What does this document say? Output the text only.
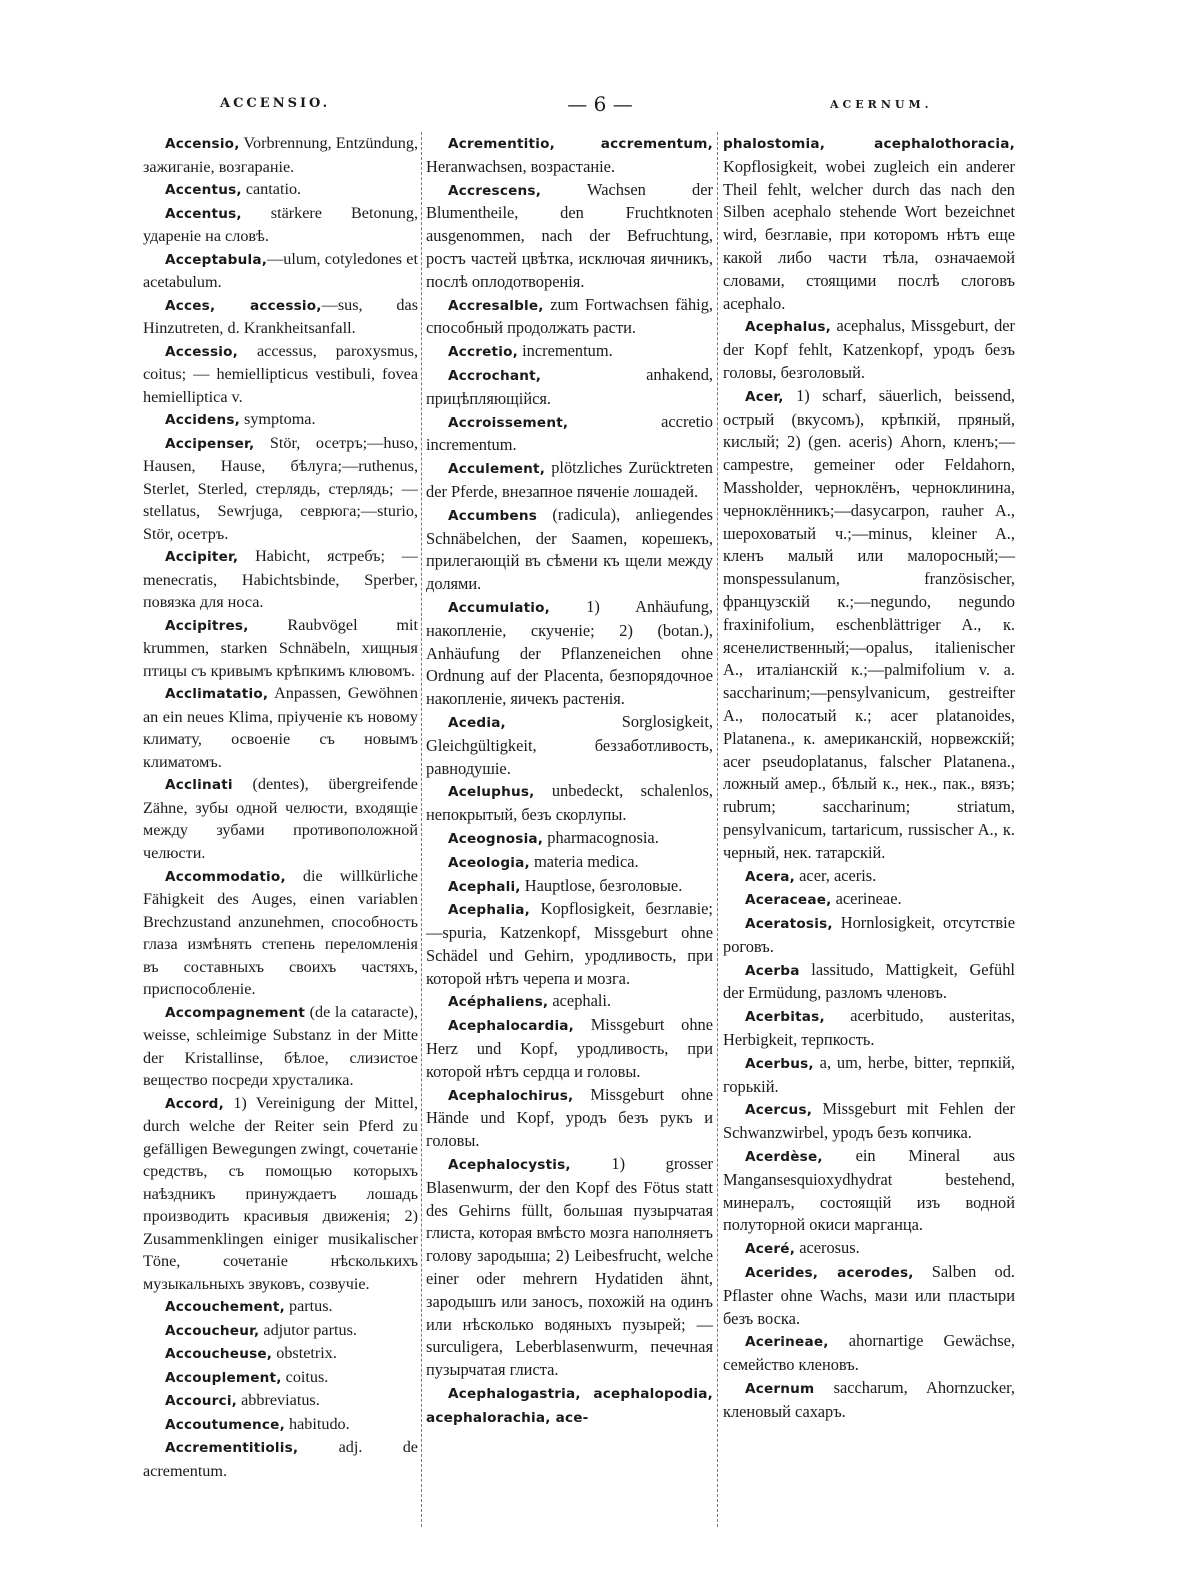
ACCENSIO.	— 6 —	ACERNUM.

Accensio, Vorbrennung, Entzündung, зажиганіе, возгараніе.

Accentus, cantatio.

Accentus, stärkere Betonung, ударенiе на словѣ.

Acceptabula,—ulum, cotyledones et acetabulum.

Acces, accessio,—sus, das Hinzutreten, d. Krankheitsanfall.

Accessio, accessus, paroxysmus, coitus; — hemiellipticus vestibuli, fovea hemielliptica v.

Accidens, symptoma.

Accipenser, Stör, осетръ;—huso, Hausen, Hause, бѣлуга;—ruthenus, Sterlet, Sterled, стерлядь, стерлядь; —stellatus, Sewrjuga, севрюга;—sturio, Stör, осетръ.

Accipiter, Habicht, ястребъ; — menecratis, Habichtsbinde, Sperber, повязка для носа.

Accipitres, Raubvögel mit krummen, starken Schnäbeln, хищныя птицы съ кривымъ крѣпкимъ клювомъ.

Acclimatatio, Anpassen, Gewöhnen an ein neues Klima, пріученіе къ новому климату, освоеніе съ новымъ климатомъ.

Acclinati (dentes), übergreifende Zähne, зубы одной челюсти, входящіе между зубами противоположной челюсти.

Accommodatio, die willkürliche Fähigkeit des Auges, einen variablen Brechzustand anzunehmen, способность глаза измѣнять степень переломленія въ составныхъ своихъ частяхъ, приспособленіе.

Accompagnement (de la cataracte), weisse, schleimige Substanz in der Mitte der Kristallinse, бѣлое, слизистое вещество посреди хрусталика.

Accord, 1) Vereinigung der Mittel, durch welche der Reiter sein Pferd zu gefälligen Bewegungen zwingt, сочетаніе средствъ, съ помощью которыхъ наѣздникъ принуждаетъ лошадь производить красивыя движенія; 2) Zusammenklingen einiger musikalischer Töne, сочетаніе нѣсколькихъ музыкальныхъ звуковъ, созвучіе.

Accouchement, partus.

Accoucheur, adjutor partus.

Accoucheuse, obstetrix.

Accouplement, coitus.

Accourci, abbreviatus.

Accoutumence, habitudo.

Accrementitiolis, adj. de acrementum.

Acrementitio, accrementum, Heranwachsen, возрастаніе.

Accrescens, Wachsen der Blumentheile, den Fruchtknoten ausgenommen, nach der Befruchtung, ростъ частей цвѣтка, исключая яичникъ, послѣ оплодотворенія.

Accresalble, zum Fortwachsen fähig, способный продолжать расти.

Accretio, incrementum.

Accrochant, anhakend, прицѣпляющійся.

Accroissement, accretio incrementum.

Acculement, plötzliches Zurücktreten der Pferde, внезапное пяченіе лошадей.

Accumbens (radicula), anliegendes Schnäbelchen, der Saamen, корешекъ, прилегающій въ сѣмени къ щели между долями.

Accumulatio, 1) Anhäufung, накопленіе, скученіе; 2) (botan.), Anhäufung der Pflanzeneichen ohne Ordnung auf der Placenta, безпорядочное накопленіе, яичекъ растенія.

Acedia, Sorglosigkeit, Gleichgültigkeit, беззаботливость, равнодушіе.

Aceluphus, unbedeckt, schalenlos, непокрытый, безъ скорлупы.

Aceognosia, pharmacognosia.

Aceologia, materia medica.

Acephali, Hauptlose, безголовые.

Acephalia, Kopflosigkeit, безглавіе;—spuria, Katzenkopf, Missgeburt ohne Schädel und Gehirn, уродливость, при которой нѣтъ черепа и мозга.

Acéphaliens, acephali.

Acephalocardia, Missgeburt ohne Herz und Kopf, уродливость, при которой нѣтъ сердца и головы.

Acephalochirus, Missgeburt ohne Hände und Kopf, уродъ безъ рукъ и головы.

Acephalocystis, 1) grosser Blasenwurm, der den Kopf des Fötus statt des Gehirns füllt, большая пузырчатая глиста, которая вмѣсто мозга наполняетъ голову зародыша; 2) Leibesfrucht, welche einer oder mehrern Hydatiden ähnt, зародышъ или заносъ, похожій на одинъ или нѣсколько водяныхъ пузырей; — surculigera, Leberblasenwurm, печечная пузырчатая глиста.

Acephalogastria, acephalopodia, acephalorachia, ace-

phalostomia, acephalothoracia, Kopflosigkeit, wobei zugleich ein anderer Theil fehlt, welcher durch das nach den Silben acephalo stehende Wort bezeichnet wird, безглавіе, при которомъ нѣтъ еще какой либо части тѣла, означаемой словами, стоящими послѣ слоговъ acephalo.

Acephalus, acephalus, Missgeburt, der der Kopf fehlt, Katzenkopf, уродъ безъ головы, безголовый.

Acer, 1) scharf, säuerlich, beissend, острый (вкусомъ), крѣпкій, пряный, кислый; 2) (gen. aceris) Ahorn, кленъ;—campestre, gemeiner oder Feldahorn, Massholder, черноклёнъ, черноклинина, черноклённикъ;—dasycarpon, rauher A., шероховатый ч.;—minus, kleiner A., кленъ малый или малоросный;—monspessulanum, französischer, французскій к.;—negundo, negundo fraxinifolium, eschenblättriger A., к. ясенелиственный;—opalus, italienischer A., италіанскій к.;—palmifolium v. a. saccharinum;—pensylvanicum, gestreifter A., полосатый к.; acer platanoides, Platanena., к. американскій, норвежскій; acer pseudoplatanus, falscher Platanena., ложный амер., бѣлый к., нек., пак., вязъ; rubrum; saccharinum; striatum, pensylvanicum, tartaricum, russischer A., к. черный, нек. татарскій.

Acera, acer, aceris.

Aceraceae, acerineae.

Aceratosis, Hornlosigkeit, отсутствіе роговъ.

Acerba lassitudo, Mattigkeit, Gefühl der Ermüdung, разломъ членовъ.

Acerbitas, acerbitudo, austeritas, Herbigkeit, терпкость.

Acerbus, a, um, herbe, bitter, терпкій, горькій.

Acercus, Missgeburt mit Fehlen der Schwanzwirbel, уродъ безъ копчика.

Acerdèse, ein Mineral aus Mangansesquioxydhydrat bestehend, минералъ, состоящій изъ водной полуторной окиси марганца.

Aceré, acerosus.

Acerides, acerodes, Salben od. Pflaster ohne Wachs, мази или пластыри безъ воска.

Acerineae, ahornartige Gewächse, семейство кленовъ.

Acernum saccharum, Ahornzucker, кленовый сахаръ.
